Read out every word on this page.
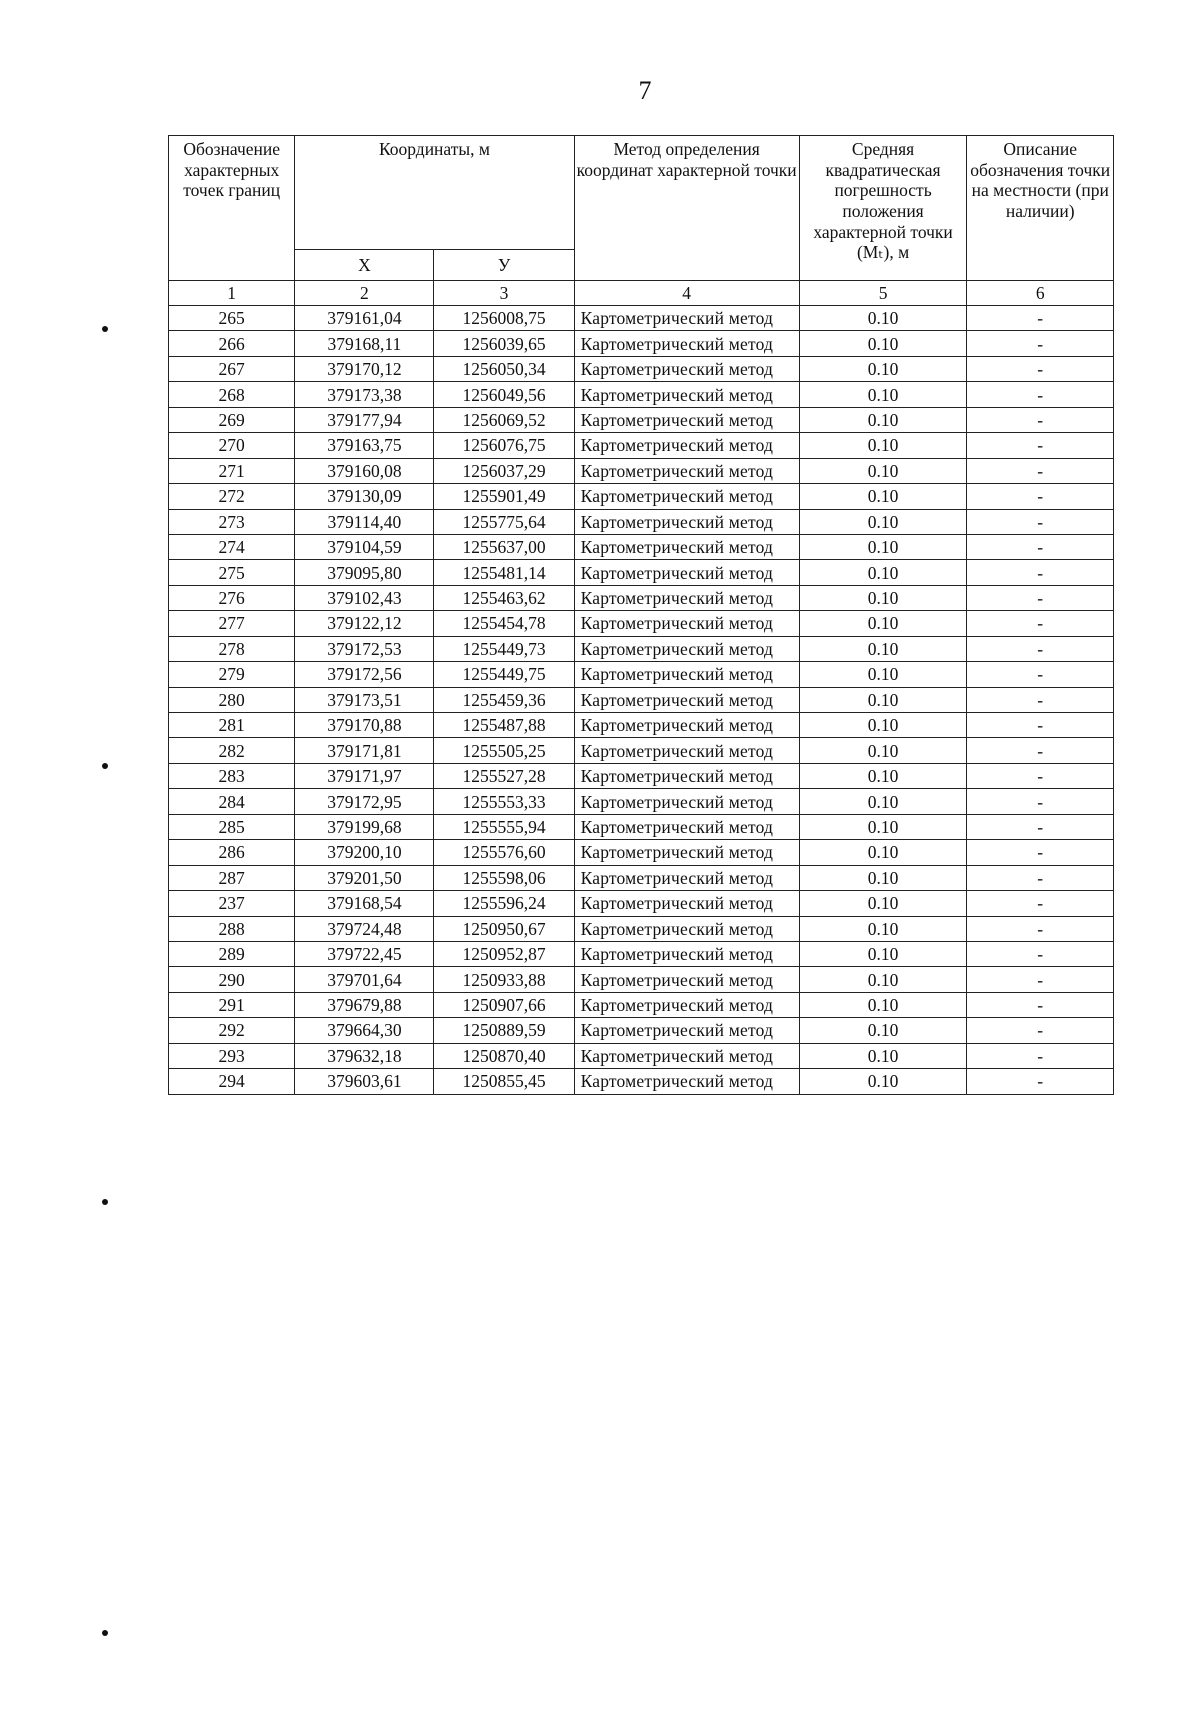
7
Обозначение характерных точек границ	Координаты, м		Метод определения координат характерной точки	Средняя квадратическая погрешность положения характерной точки (Мₜ), м	Описание обозначения точки на местности (при наличии)
	X	У			
1	2	3	4	5	6
265	379161,04	1256008,75	Картометрический метод	0.10	-
266	379168,11	1256039,65	Картометрический метод	0.10	-
267	379170,12	1256050,34	Картометрический метод	0.10	-
268	379173,38	1256049,56	Картометрический метод	0.10	-
269	379177,94	1256069,52	Картометрический метод	0.10	-
270	379163,75	1256076,75	Картометрический метод	0.10	-
271	379160,08	1256037,29	Картометрический метод	0.10	-
272	379130,09	1255901,49	Картометрический метод	0.10	-
273	379114,40	1255775,64	Картометрический метод	0.10	-
274	379104,59	1255637,00	Картометрический метод	0.10	-
275	379095,80	1255481,14	Картометрический метод	0.10	-
276	379102,43	1255463,62	Картометрический метод	0.10	-
277	379122,12	1255454,78	Картометрический метод	0.10	-
278	379172,53	1255449,73	Картометрический метод	0.10	-
279	379172,56	1255449,75	Картометрический метод	0.10	-
280	379173,51	1255459,36	Картометрический метод	0.10	-
281	379170,88	1255487,88	Картометрический метод	0.10	-
282	379171,81	1255505,25	Картометрический метод	0.10	-
283	379171,97	1255527,28	Картометрический метод	0.10	-
284	379172,95	1255553,33	Картометрический метод	0.10	-
285	379199,68	1255555,94	Картометрический метод	0.10	-
286	379200,10	1255576,60	Картометрический метод	0.10	-
287	379201,50	1255598,06	Картометрический метод	0.10	-
237	379168,54	1255596,24	Картометрический метод	0.10	-
288	379724,48	1250950,67	Картометрический метод	0.10	-
289	379722,45	1250952,87	Картометрический метод	0.10	-
290	379701,64	1250933,88	Картометрический метод	0.10	-
291	379679,88	1250907,66	Картометрический метод	0.10	-
292	379664,30	1250889,59	Картометрический метод	0.10	-
293	379632,18	1250870,40	Картометрический метод	0.10	-
294	379603,61	1250855,45	Картометрический метод	0.10	-
